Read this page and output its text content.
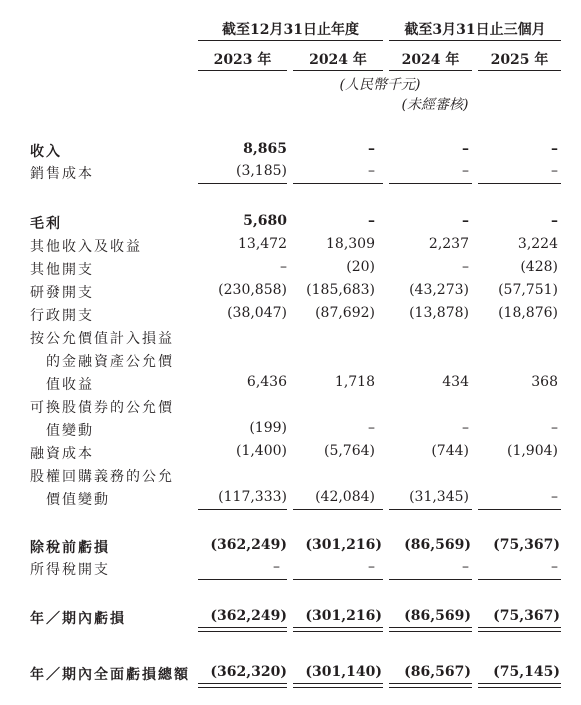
截至12月31日止年度	截至3月31日止三個月
2023 年	2024 年	2024 年	2025 年
(人民幣千元)
(未經審核)
收入	8,865	–	–	–
銷售成本	(3,185)	–	–	–
毛利	5,680	–	–	–
其他收入及收益	13,472	18,309	2,237	3,224
其他開支	–	(20)	–	(428)
研發開支	(230,858)	(185,683)	(43,273)	(57,751)
行政開支	(38,047)	(87,692)	(13,878)	(18,876)
按公允價值計入損益
的金融資產公允價
值收益	6,436	1,718	434	368
可換股債券的公允價
值變動	(199)	–	–	–
融資成本	(1,400)	(5,764)	(744)	(1,904)
股權回購義務的公允
價值變動	(117,333)	(42,084)	(31,345)	–
除稅前虧損	(362,249)	(301,216)	(86,569)	(75,367)
所得稅開支	–	–	–	–
年／期內虧損	(362,249)	(301,216)	(86,569)	(75,367)
年／期內全面虧損總額	(362,320)	(301,140)	(86,567)	(75,145)
